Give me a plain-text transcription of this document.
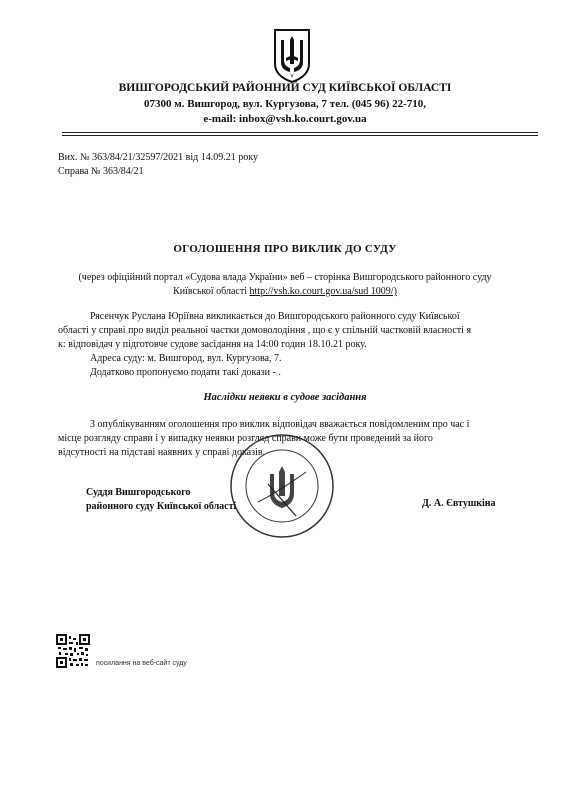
ВИШГОРОДСЬКИЙ РАЙОННИЙ СУД КИЇВСЬКОЇ ОБЛАСТІ
07300 м. Вишгород, вул. Кургузова, 7 тел. (045 96) 22-710,
e-mail: inbox@vsh.ko.court.gov.ua
Вих. № 363/84/21/32597/2021 від 14.09.21 року
Справа № 363/84/21
ОГОЛОШЕННЯ ПРО ВИКЛИК ДО СУДУ
(через офіційний портал «Судова влада України» веб – сторінка Вишгородського районного суду
Київської області http://vsh.ko.court.gov.ua/sud 1009/)
Рясенчук Руслана Юріївна викликається до Вишгородського районного суду Київської
області у справі про виділ реальної частки домоволодіння , що є у спільній частковій власності я
к: відповідач у підготовче судове засідання на 14:00 годин 18.10.21 року.
Адреса суду: м. Вишгород, вул. Кургузова, 7.
Додатково пропонуємо подати такі докази - .
Наслідки неявки в судове засідання
З опублікуванням оголошення про виклик відповідач вважається повідомленим про час і
місце розгляду справи і у випадку неявки розгляд справи може бути проведений за його
відсутності на підставі наявних у справі доказів.
Суддя Вишгородського
районного суду Київської області	Д. А. Євтушкіна
посилання на веб-сайт суду
